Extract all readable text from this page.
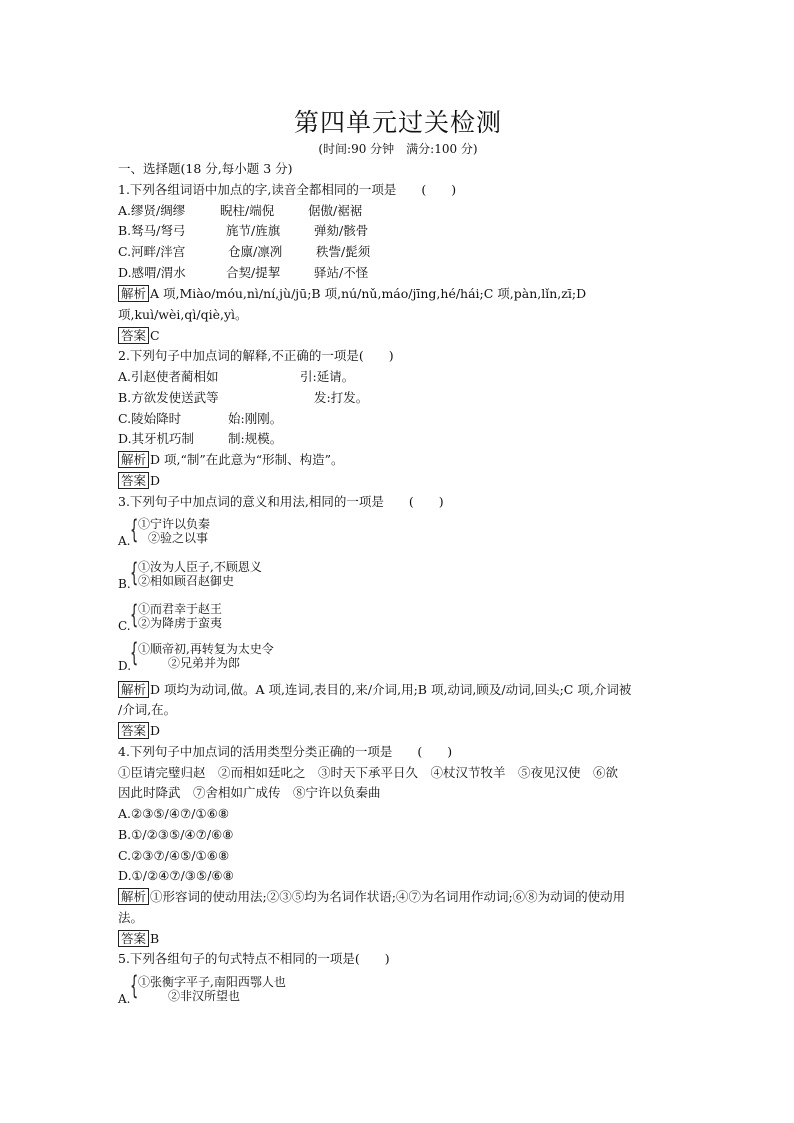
第四单元过关检测
(时间:90 分钟　满分:100 分)
一、选择题(18 分,每小题 3 分)
1.下列各组词语中加点的字,读音全都相同的一项是　　(　　)
A.缪贤/绸缪	睨柱/端倪	倨傲/裾裾
B.驽马/弩弓	旄节/旌旗	弹劾/骸骨
C.河畔/泮宫	仓廪/凛冽	秩訾/髭须
D.感喟/渭水	合契/提挈	驿站/不怪
解析 A 项,Miào/móu,nì/ní,jù/jū;B 项,nú/nǔ,máo/jīng,hé/hái;C 项,pàn,lǐn,zī;D
项,kuì/wèi,qì/qiè,yì。
答案 C
2.下列句子中加点词的解释,不正确的一项是(　　)
A.引赵使者蔺相如	引:延请。
B.方欲发使送武等	发:打发。
C.陵始降时	始:刚刚。
D.其牙机巧制	制:规模。
解析 D 项,“制”在此意为“形制、构造”。
答案 D
3.下列句子中加点词的意义和用法,相同的一项是　　(　　)
{
A.
①宁许以负秦
②验之以事
{
B.
①汝为人臣子,不顾恩义
②相如顾召赵御史
{
C.
①而君幸于赵王
②为降虏于蛮夷
{
D.
①顺帝初,再转复为太史令
②兄弟并为郎
解析 D 项均为动词,做。A 项,连词,表目的,来/介词,用;B 项,动词,顾及/动词,回头;C 项,介词被
/介词,在。
答案 D
4.下列句子中加点词的活用类型分类正确的一项是　　(　　)
①臣请完璧归赵　②而相如廷叱之　③时天下承平日久　④杖汉节牧羊　⑤夜见汉使　⑥欲
因此时降武　⑦舍相如广成传　⑧宁许以负秦曲
A.②③⑤/④⑦/①⑥⑧
B.①/②③⑤/④⑦/⑥⑧
C.②③⑦/④⑤/①⑥⑧
D.①/②④⑦/③⑤/⑥⑧
解析 ①形容词的使动用法;②③⑤均为名词作状语;④⑦为名词用作动词;⑥⑧为动词的使动用
法。
答案 B
5.下列各组句子的句式特点不相同的一项是(　　)
{
A.
①张衡字平子,南阳西鄂人也
②非汉所望也
